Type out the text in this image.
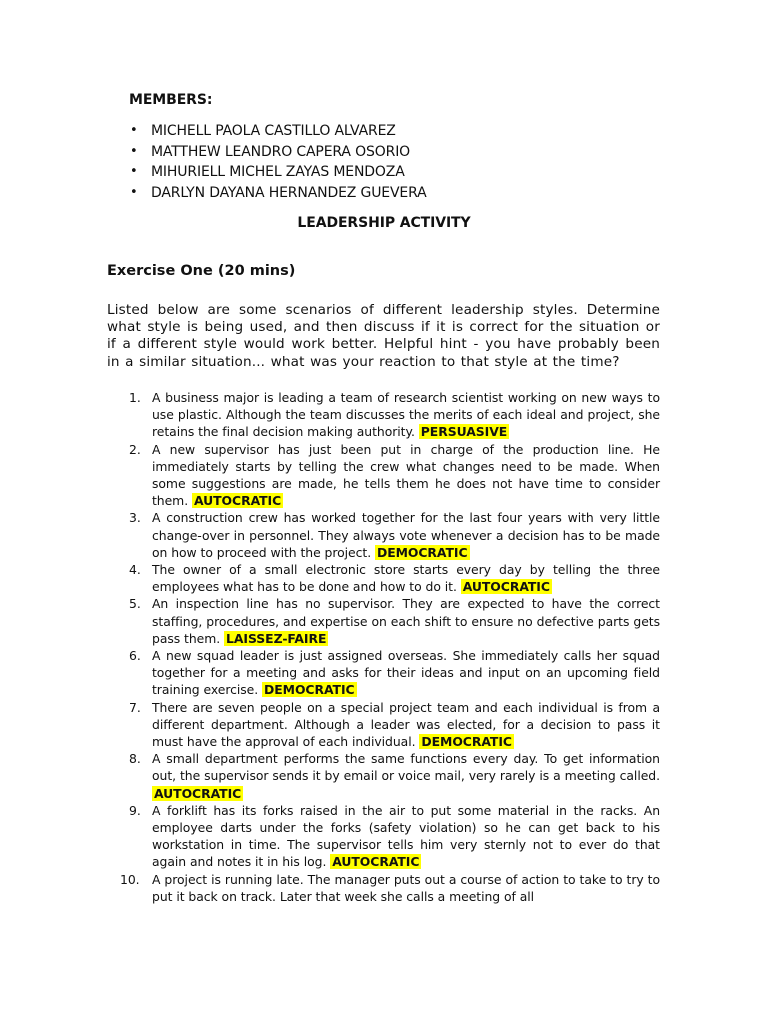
MEMBERS:
• MICHELL PAOLA CASTILLO ALVAREZ
• MATTHEW LEANDRO CAPERA OSORIO
• MIHURIELL MICHEL ZAYAS MENDOZA
• DARLYN DAYANA HERNANDEZ GUEVERA
LEADERSHIP ACTIVITY
Exercise One (20 mins)

Listed below are some scenarios of different leadership styles. Determine what style is being used, and then discuss if it is correct for the situation or if a different style would work better. Helpful hint - you have probably been in a similar situation... what was your reaction to that style at the time?

1. A business major is leading a team of research scientist working on new ways to use plastic. Although the team discusses the merits of each ideal and project, she retains the final decision making authority. PERSUASIVE
2. A new supervisor has just been put in charge of the production line. He immediately starts by telling the crew what changes need to be made. When some suggestions are made, he tells them he does not have time to consider them. AUTOCRATIC
3. A construction crew has worked together for the last four years with very little change-over in personnel. They always vote whenever a decision has to be made on how to proceed with the project. DEMOCRATIC
4. The owner of a small electronic store starts every day by telling the three employees what has to be done and how to do it. AUTOCRATIC
5. An inspection line has no supervisor. They are expected to have the correct staffing, procedures, and expertise on each shift to ensure no defective parts gets pass them. LAISSEZ-FAIRE
6. A new squad leader is just assigned overseas. She immediately calls her squad together for a meeting and asks for their ideas and input on an upcoming field training exercise. DEMOCRATIC
7. There are seven people on a special project team and each individual is from a different department. Although a leader was elected, for a decision to pass it must have the approval of each individual. DEMOCRATIC
8. A small department performs the same functions every day. To get information out, the supervisor sends it by email or voice mail, very rarely is a meeting called. AUTOCRATIC
9. A forklift has its forks raised in the air to put some material in the racks. An employee darts under the forks (safety violation) so he can get back to his workstation in time. The supervisor tells him very sternly not to ever do that again and notes it in his log. AUTOCRATIC
10. A project is running late. The manager puts out a course of action to take to try to put it back on track. Later that week she calls a meeting of all
